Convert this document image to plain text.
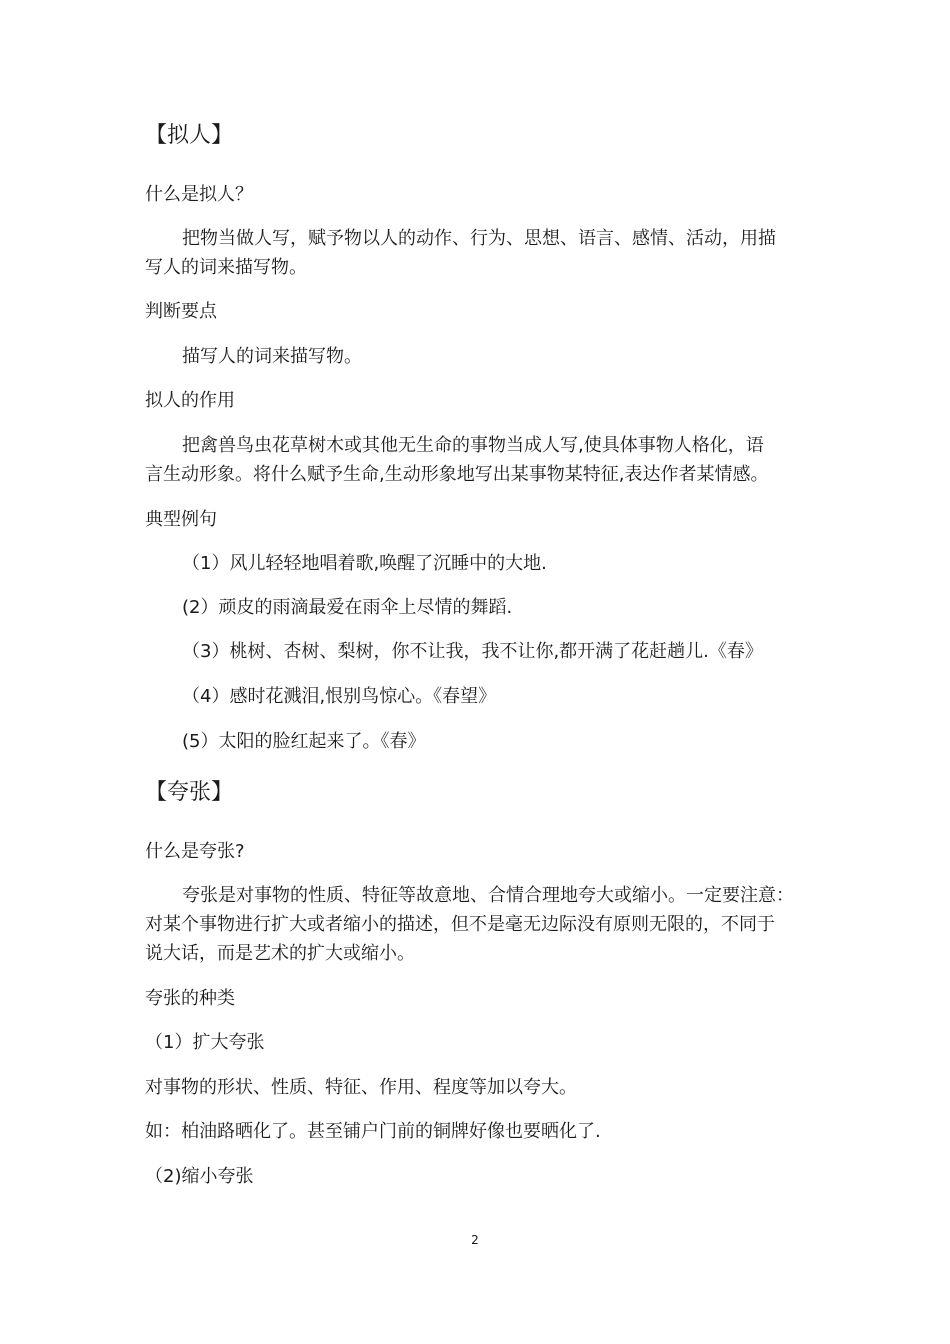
【拟人】
什么是拟人？
把物当做人写，赋予物以人的动作、行为、思想、语言、感情、活动，用描
写人的词来描写物。
判断要点
描写人的词来描写物。
拟人的作用
把禽兽鸟虫花草树木或其他无生命的事物当成人写,使具体事物人格化，语
言生动形象。将什么赋予生命,生动形象地写出某事物某特征,表达作者某情感。
典型例句
（1）风儿轻轻地唱着歌,唤醒了沉睡中的大地.
(2）顽皮的雨滴最爱在雨伞上尽情的舞蹈.
（3）桃树、杏树、梨树，你不让我，我不让你,都开满了花赶趟儿.《春》
（4）感时花溅泪,恨别鸟惊心。《春望》
(5）太阳的脸红起来了。《春》
【夸张】
什么是夸张?
夸张是对事物的性质、特征等故意地、合情合理地夸大或缩小。一定要注意：
对某个事物进行扩大或者缩小的描述，但不是毫无边际没有原则无限的，不同于
说大话，而是艺术的扩大或缩小。
夸张的种类
（1）扩大夸张
对事物的形状、性质、特征、作用、程度等加以夸大。
如：柏油路晒化了。甚至铺户门前的铜牌好像也要晒化了.
（2)缩小夸张
2
